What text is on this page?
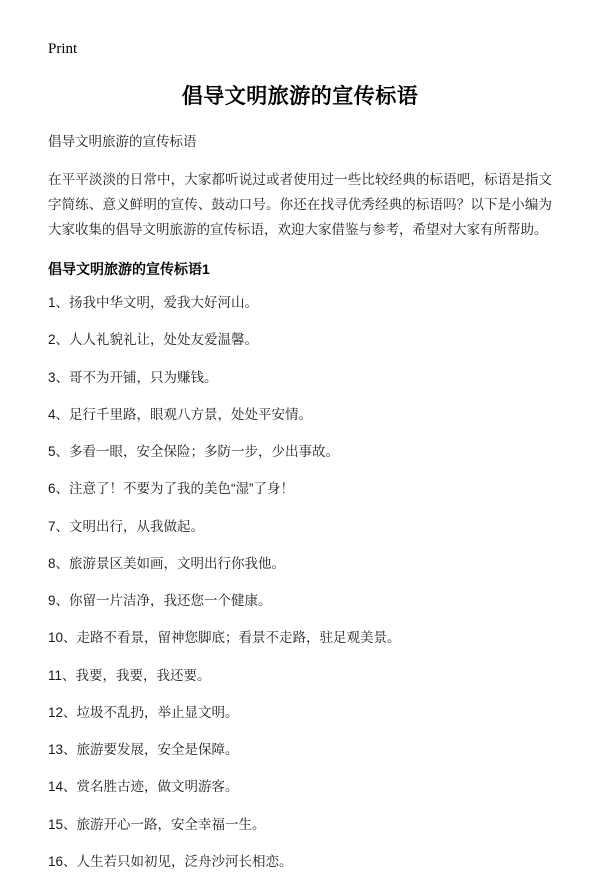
Print
倡导文明旅游的宣传标语

倡导文明旅游的宣传标语

在平平淡淡的日常中，大家都听说过或者使用过一些比较经典的标语吧，标语是指文字简练、意义鲜明的宣传、鼓动口号。你还在找寻优秀经典的标语吗？以下是小编为大家收集的倡导文明旅游的宣传标语，欢迎大家借鉴与参考，希望对大家有所帮助。

倡导文明旅游的宣传标语1
1、扬我中华文明，爱我大好河山。
2、人人礼貌礼让，处处友爱温馨。
3、哥不为开铺，只为赚钱。
4、足行千里路，眼观八方景，处处平安情。
5、多看一眼，安全保险；多防一步，少出事故。
6、注意了！不要为了我的美色“湿”了身！
7、文明出行，从我做起。
8、旅游景区美如画，文明出行你我他。
9、你留一片洁净，我还您一个健康。
10、走路不看景，留神您脚底；看景不走路，驻足观美景。
11、我要，我要，我还要。
12、垃圾不乱扔，举止显文明。
13、旅游要发展，安全是保障。
14、赏名胜古迹，做文明游客。
15、旅游开心一路，安全幸福一生。
16、人生若只如初见，泛舟沙河长相恋。
